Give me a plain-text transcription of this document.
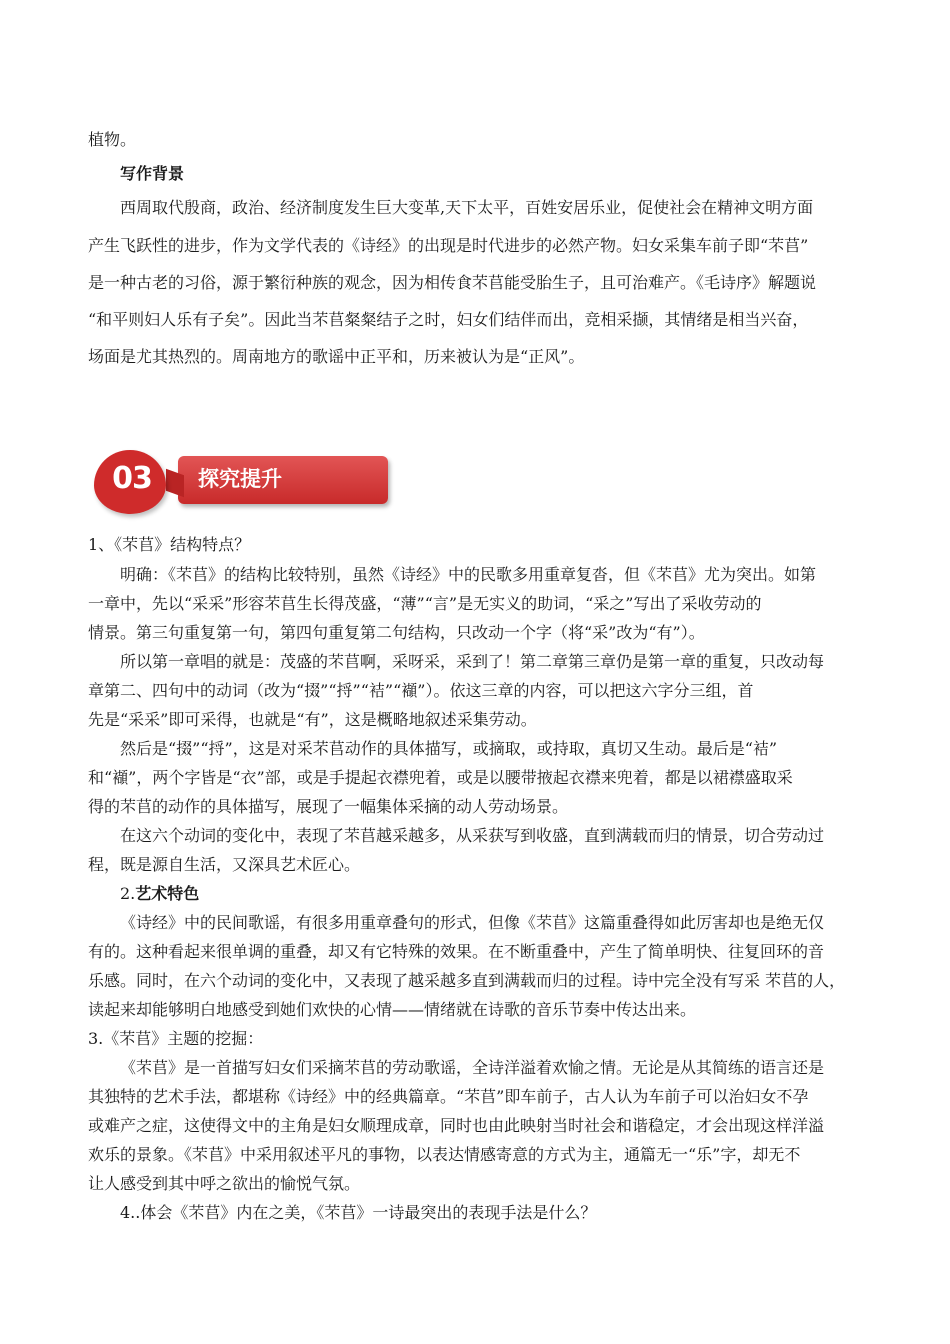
植物。
写作背景
西周取代殷商，政治、经济制度发生巨大变革,天下太平，百姓安居乐业，促使社会在精神文明方面
产生飞跃性的进步，作为文学代表的《诗经》的出现是时代进步的必然产物。妇女采集车前子即“芣苢”
是一种古老的习俗，源于繁衍种族的观念，因为相传食芣苢能受胎生子，且可治难产。《毛诗序》解题说
“和平则妇人乐有子矣”。因此当芣苢粲粲结子之时，妇女们结伴而出，竞相采撷，其情绪是相当兴奋，
场面是尤其热烈的。周南地方的歌谣中正平和，历来被认为是“正风”。
03	探究提升
1、《芣苢》结构特点？
明确：《芣苢》的结构比较特别，虽然《诗经》中的民歌多用重章复沓，但《芣苢》尤为突出。如第
一章中，先以“采采”形容芣苢生长得茂盛，“薄”“言”是无实义的助词，“采之”写出了采收劳动的
情景。第三句重复第一句，第四句重复第二句结构，只改动一个字（将“采”改为“有”）。
所以第一章唱的就是：茂盛的芣苢啊，采呀采，采到了！第二章第三章仍是第一章的重复，只改动每
章第二、四句中的动词（改为“掇”“捋”“袺”“襭”）。依这三章的内容，可以把这六字分三组，首
先是“采采”即可采得，也就是“有”，这是概略地叙述采集劳动。
然后是“掇”“捋”，这是对采芣苢动作的具体描写，或摘取，或持取，真切又生动。最后是“袺”
和“襭”，两个字皆是“衣”部，或是手提起衣襟兜着，或是以腰带掖起衣襟来兜着，都是以裙襟盛取采
得的芣苢的动作的具体描写，展现了一幅集体采摘的动人劳动场景。
在这六个动词的变化中，表现了芣苢越采越多，从采获写到收盛，直到满载而归的情景，切合劳动过
程，既是源自生活，又深具艺术匠心。
2.艺术特色
《诗经》中的民间歌谣，有很多用重章叠句的形式，但像《芣苢》这篇重叠得如此厉害却也是绝无仅
有的。这种看起来很单调的重叠，却又有它特殊的效果。在不断重叠中，产生了简单明快、往复回环的音
乐感。同时，在六个动词的变化中，又表现了越采越多直到满载而归的过程。诗中完全没有写采 芣苢的人，
读起来却能够明白地感受到她们欢快的心情——情绪就在诗歌的音乐节奏中传达出来。
3.《芣苢》主题的挖掘：
《芣苢》是一首描写妇女们采摘芣苢的劳动歌谣，全诗洋溢着欢愉之情。无论是从其简练的语言还是
其独特的艺术手法，都堪称《诗经》中的经典篇章。“芣苢”即车前子，古人认为车前子可以治妇女不孕
或难产之症，这使得文中的主角是妇女顺理成章，同时也由此映射当时社会和谐稳定，才会出现这样洋溢
欢乐的景象。《芣苢》中采用叙述平凡的事物，以表达情感寄意的方式为主，通篇无一“乐”字，却无不
让人感受到其中呼之欲出的愉悦气氛。
4..体会《芣苢》内在之美，《芣苢》一诗最突出的表现手法是什么？
